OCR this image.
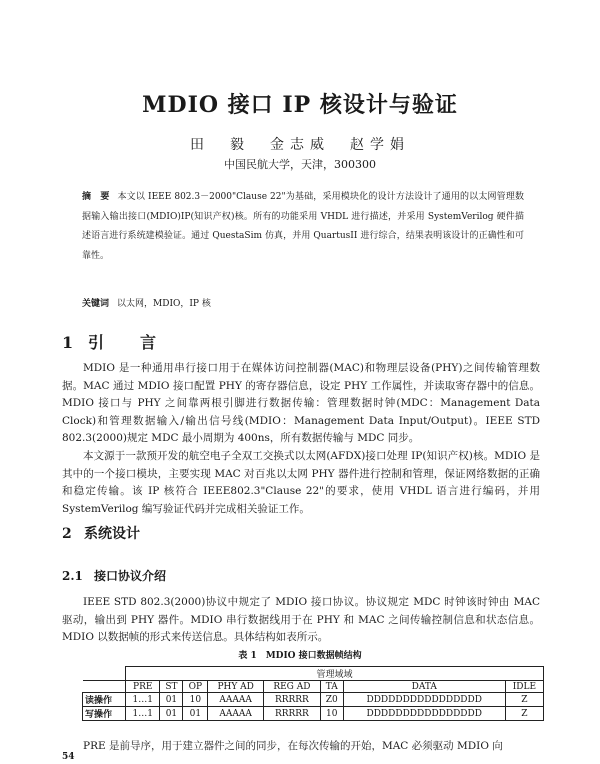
MDIO 接口 IP 核设计与验证
田　毅　金志威　赵学娟
中国民航大学，天津，300300
摘　要 本文以 IEEE 802.3－2000"Clause 22"为基础，采用模块化的设计方法设计了通用的以太网管理数据输入输出接口(MDIO)IP(知识产权)核。所有的功能采用 VHDL 进行描述，并采用 SystemVerilog 硬件描述语言进行系统建模验证。通过 QuestaSim 仿真，并用 QuartusII 进行综合，结果表明该设计的正确性和可靠性。
关键词 以太网，MDIO，IP 核
1 引　言
MDIO 是一种通用串行接口用于在媒体访问控制器(MAC)和物理层设备(PHY)之间传输管理数据。MAC 通过 MDIO 接口配置 PHY 的寄存器信息，设定 PHY 工作属性，并读取寄存器中的信息。MDIO 接口与 PHY 之间靠两根引脚进行数据传输：管理数据时钟(MDC：Management Data Clock)和管理数据输入/输出信号线(MDIO：Management Data Input/Output)。IEEE STD 802.3(2000)规定 MDC 最小周期为 400ns，所有数据传输与 MDC 同步。
本文源于一款预开发的航空电子全双工交换式以太网(AFDX)接口处理 IP(知识产权)核。MDIO 是其中的一个接口模块，主要实现 MAC 对百兆以太网 PHY 器件进行控制和管理，保证网络数据的正确和稳定传输。该 IP 核符合 IEEE802.3"Clause 22"的要求，使用 VHDL 语言进行编码，并用 SystemVerilog 编写验证代码并完成相关验证工作。
2 系统设计
2.1 接口协议介绍
IEEE STD 802.3(2000)协议中规定了 MDIO 接口协议。协议规定 MDC 时钟该时钟由 MAC 驱动，输出到 PHY 器件。MDIO 串行数据线用于在 PHY 和 MAC 之间传输控制信息和状态信息。MDIO 以数据帧的形式来传送信息。具体结构如表所示。
表 1　MDIO 接口数据帧结构
	管理域域							
	PRE	ST	OP	PHY AD	REG AD	TA	DATA	IDLE
读操作	1…1	01	10	AAAAA	RRRRR	Z0	DDDDDDDDDDDDDDDD	Z
写操作	1…1	01	01	AAAAA	RRRRR	10	DDDDDDDDDDDDDDDD	Z
PRE 是前导序，用于建立器件之间的同步，在每次传输的开始，MAC 必须驱动 MDIO 向
54
